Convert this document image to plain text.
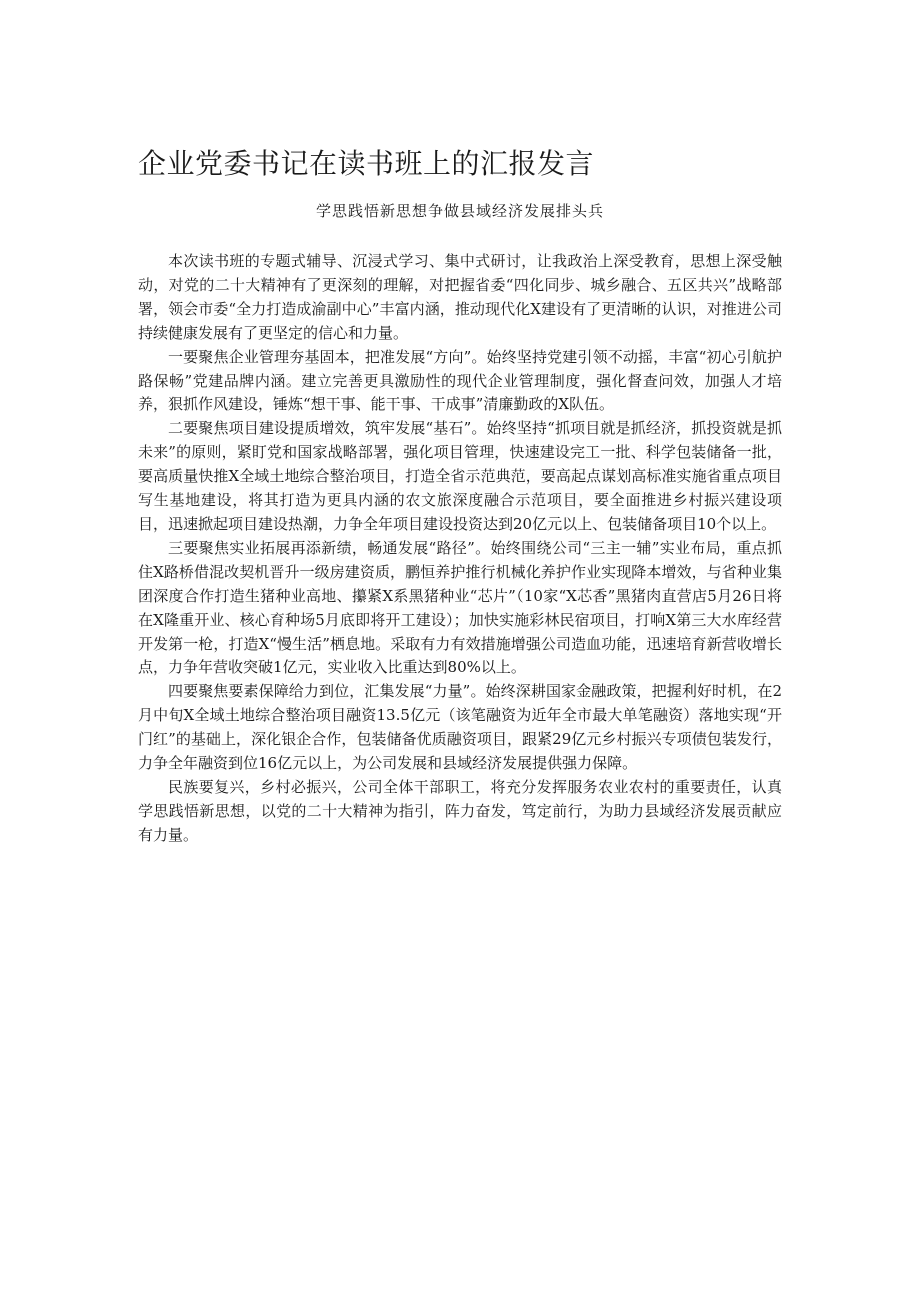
企业党委书记在读书班上的汇报发言

学思践悟新思想争做县域经济发展排头兵

本次读书班的专题式辅导、沉浸式学习、集中式研讨，让我政治上深受教育，思想上深受触动，对党的二十大精神有了更深刻的理解，对把握省委“四化同步、城乡融合、五区共兴”战略部署，领会市委“全力打造成渝副中心”丰富内涵，推动现代化X建设有了更清晰的认识，对推进公司持续健康发展有了更坚定的信心和力量。

一要聚焦企业管理夯基固本，把准发展“方向”。始终坚持党建引领不动摇，丰富“初心引航护路保畅”党建品牌内涵。建立完善更具激励性的现代企业管理制度，强化督查问效，加强人才培养，狠抓作风建设，锤炼“想干事、能干事、干成事”清廉勤政的X队伍。

二要聚焦项目建设提质增效，筑牢发展“基石”。始终坚持“抓项目就是抓经济，抓投资就是抓未来”的原则，紧盯党和国家战略部署，强化项目管理，快速建设完工一批、科学包装储备一批，要高质量快推X全域土地综合整治项目，打造全省示范典范，要高起点谋划高标准实施省重点项目写生基地建设，将其打造为更具内涵的农文旅深度融合示范项目，要全面推进乡村振兴建设项目，迅速掀起项目建设热潮，力争全年项目建设投资达到20亿元以上、包装储备项目10个以上。

三要聚焦实业拓展再添新绩，畅通发展“路径”。始终围绕公司“三主一辅”实业布局，重点抓住X路桥借混改契机晋升一级房建资质，鹏恒养护推行机械化养护作业实现降本增效，与省种业集团深度合作打造生猪种业高地、攥紧X系黑猪种业“芯片”（10家“X芯香”黑猪肉直营店5月26日将在X隆重开业、核心育种场5月底即将开工建设）；加快实施彩林民宿项目，打响X第三大水库经营开发第一枪，打造X“慢生活”栖息地。采取有力有效措施增强公司造血功能，迅速培育新营收增长点，力争年营收突破1亿元，实业收入比重达到80%以上。

四要聚焦要素保障给力到位，汇集发展“力量”。始终深耕国家金融政策，把握利好时机，在2月中旬X全域土地综合整治项目融资13.5亿元（该笔融资为近年全市最大单笔融资）落地实现“开门红”的基础上，深化银企合作，包装储备优质融资项目，跟紧29亿元乡村振兴专项债包装发行，力争全年融资到位16亿元以上，为公司发展和县域经济发展提供强力保障。

民族要复兴，乡村必振兴，公司全体干部职工，将充分发挥服务农业农村的重要责任，认真学思践悟新思想，以党的二十大精神为指引，阵力奋发，笃定前行，为助力县域经济发展贡献应有力量。
